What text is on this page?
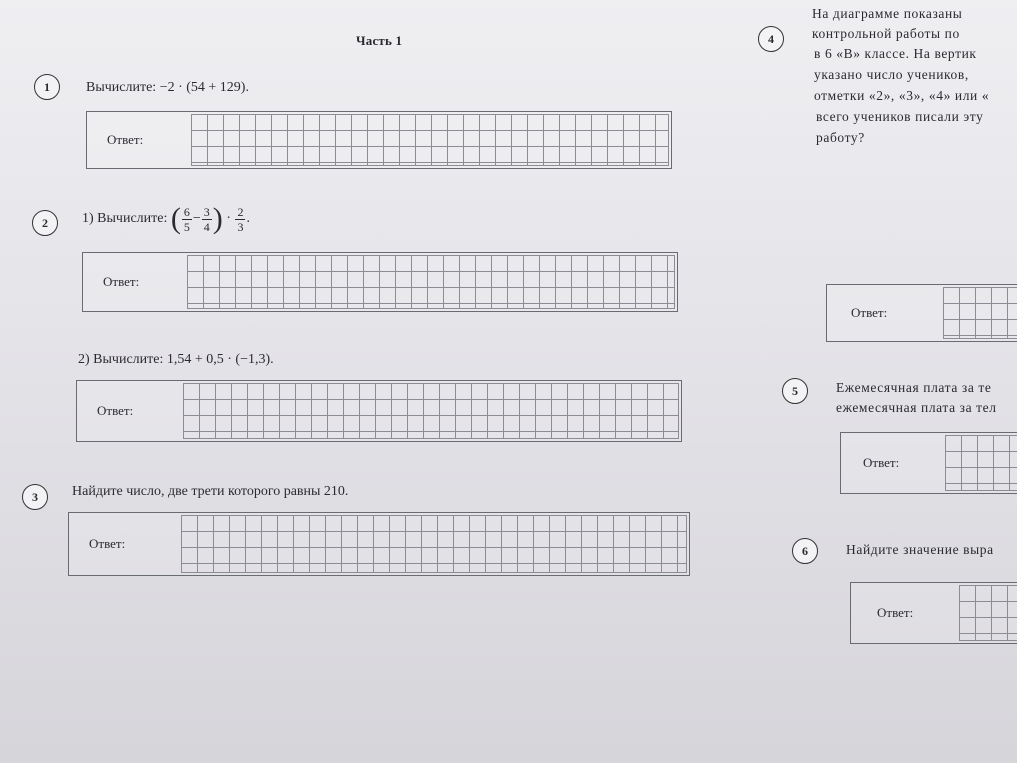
Часть 1
1	Вычислите: −2 · (54 + 129).
Ответ:
2	1) Вычислите: ( $\frac{6}{5} - \frac{3}{4}$ ) · $\frac{2}{3}$ .
Ответ:
2) Вычислите: 1,54 + 0,5 · (−1,3).
Ответ:
3	Найдите число, две трети которого равны 210.
Ответ:
4
На диаграмме показаны
контрольной работы по
в 6 «В» классе. На вертик
указано число учеников,
отметки «2», «3», «4» или «
всего учеников писали эту
работу?
Ответ:
5	Ежемесячная плата за те
ежемесячная плата за тел
Ответ:
6	Найдите значение выра
Ответ:
